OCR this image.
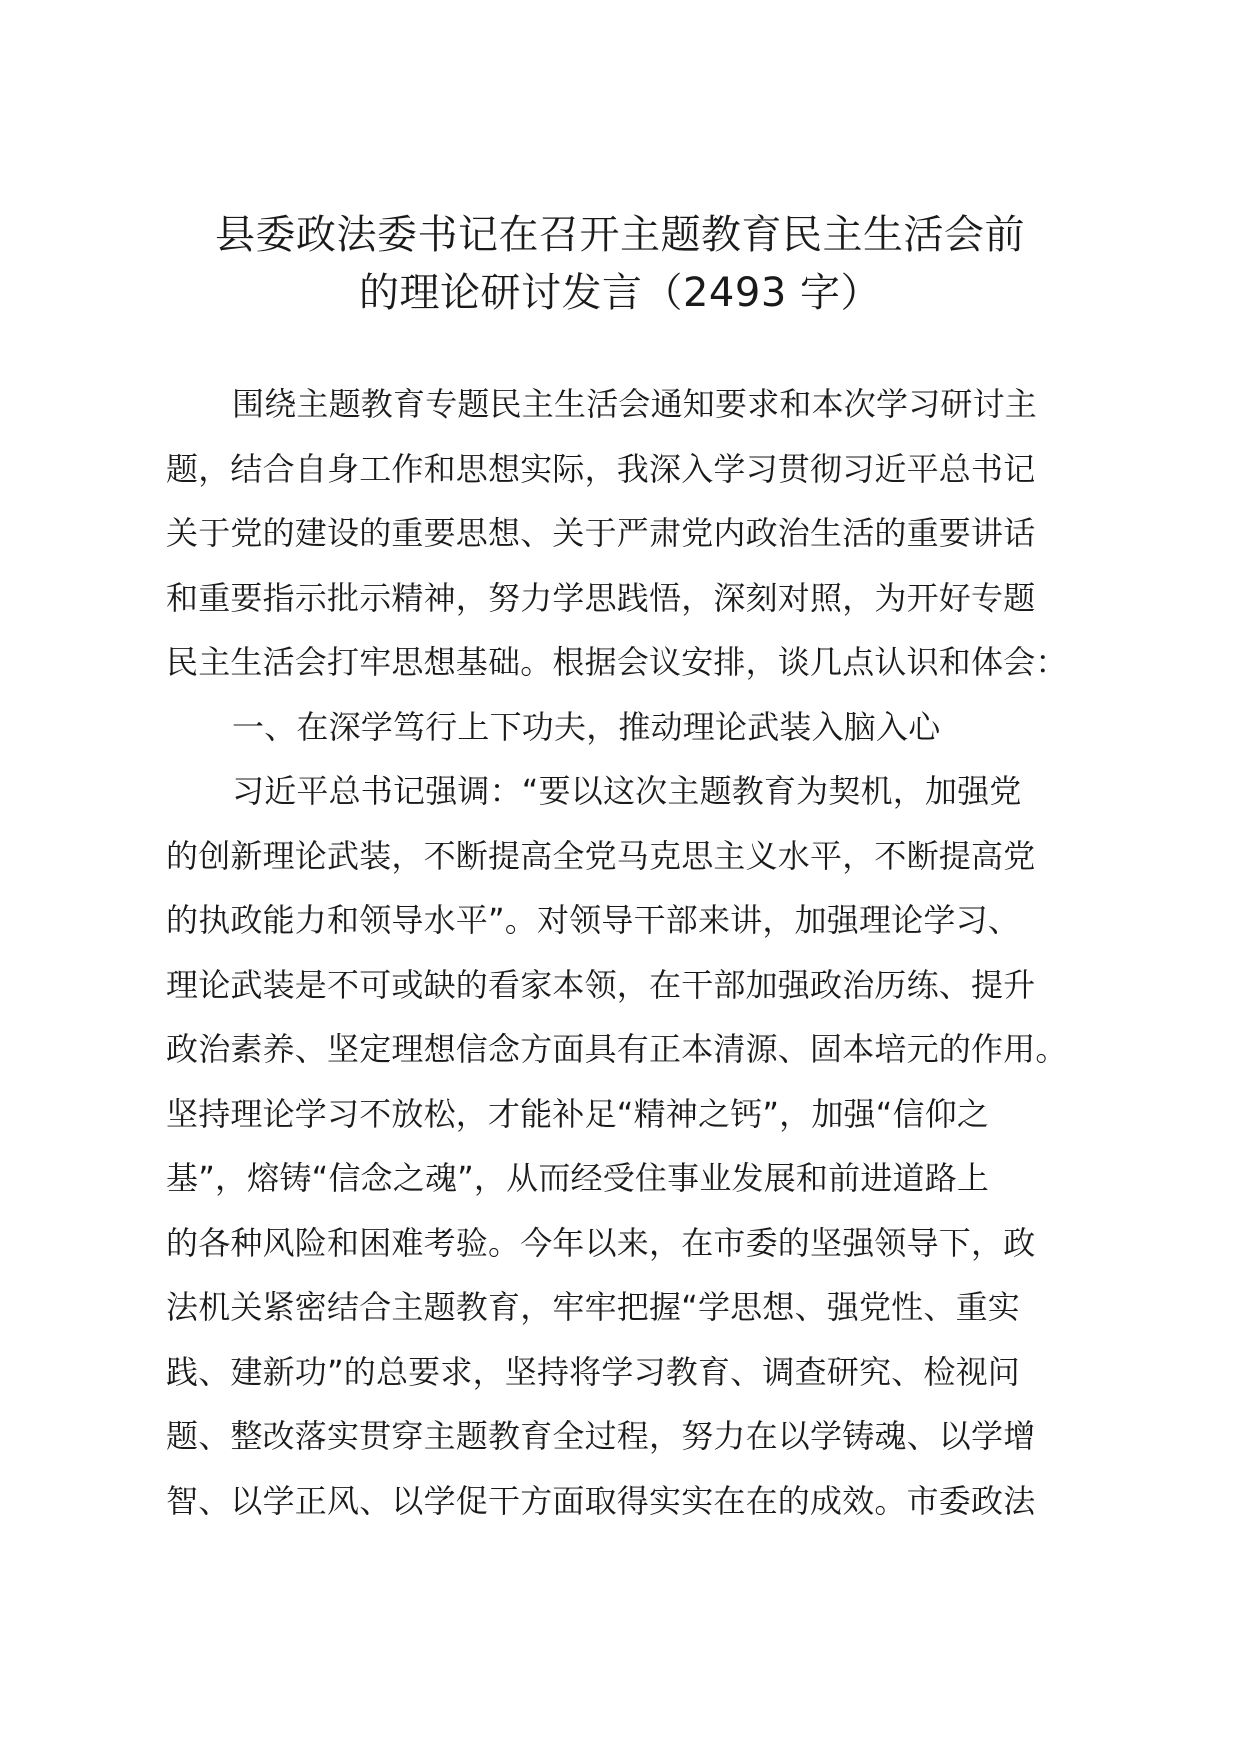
县委政法委书记在召开主题教育民主生活会前
的理论研讨发言（2493 字）
围绕主题教育专题民主生活会通知要求和本次学习研讨主
题，结合自身工作和思想实际，我深入学习贯彻习近平总书记
关于党的建设的重要思想、关于严肃党内政治生活的重要讲话
和重要指示批示精神，努力学思践悟，深刻对照，为开好专题
民主生活会打牢思想基础。根据会议安排，谈几点认识和体会：
一、在深学笃行上下功夫，推动理论武装入脑入心
习近平总书记强调：“要以这次主题教育为契机，加强党
的创新理论武装，不断提高全党马克思主义水平，不断提高党
的执政能力和领导水平”。对领导干部来讲，加强理论学习、
理论武装是不可或缺的看家本领，在干部加强政治历练、提升
政治素养、坚定理想信念方面具有正本清源、固本培元的作用。
坚持理论学习不放松，才能补足“精神之钙”，加强“信仰之
基”，熔铸“信念之魂”，从而经受住事业发展和前进道路上
的各种风险和困难考验。今年以来，在市委的坚强领导下，政
法机关紧密结合主题教育，牢牢把握“学思想、强党性、重实
践、建新功”的总要求，坚持将学习教育、调查研究、检视问
题、整改落实贯穿主题教育全过程，努力在以学铸魂、以学增
智、以学正风、以学促干方面取得实实在在的成效。市委政法
